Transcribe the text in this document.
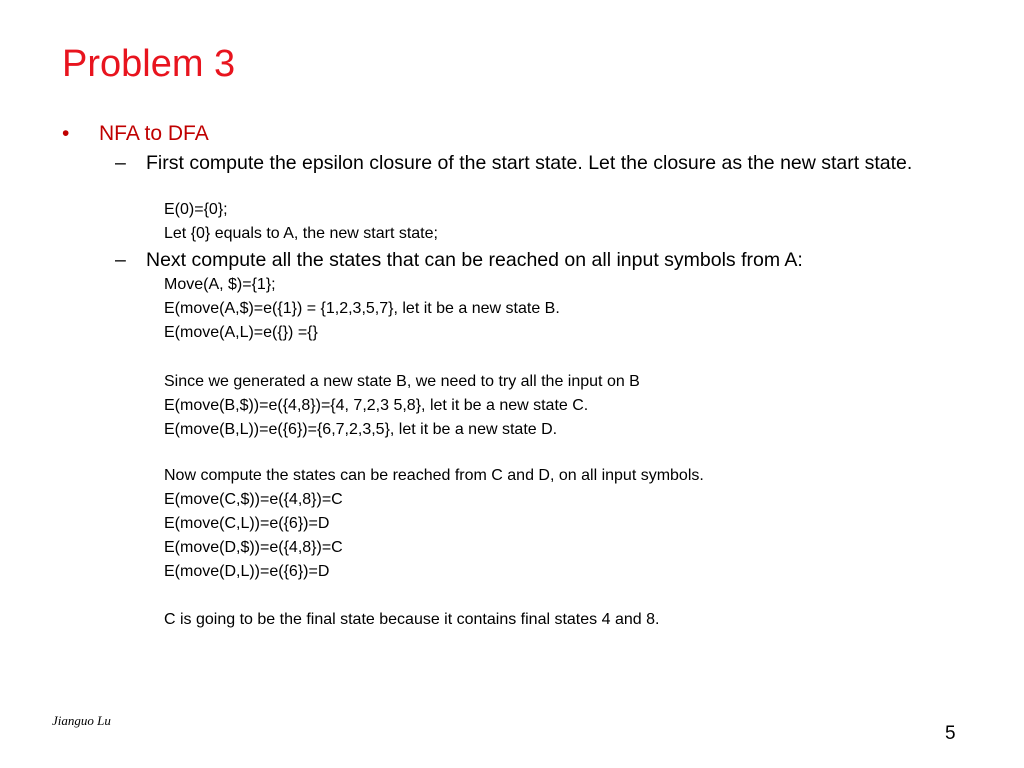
Problem 3
• NFA to DFA
– First compute the epsilon closure of the start state. Let the closure as the new start state.
E(0)={0};
Let {0} equals to A, the new start state;
– Next compute all the states that can be reached on all input symbols from A:
Move(A, $)={1};
E(move(A,$)=e({1}) = {1,2,3,5,7}, let it be a new state B.
E(move(A,L)=e({}) ={}
Since we generated a new state B, we need to try all the input on B
E(move(B,$))=e({4,8})={4, 7,2,3 5,8}, let it be a new state C.
E(move(B,L))=e({6})={6,7,2,3,5}, let it be a new state D.
Now compute the states can be reached from C and D, on all input symbols.
E(move(C,$))=e({4,8})=C
E(move(C,L))=e({6})=D
E(move(D,$))=e({4,8})=C
E(move(D,L))=e({6})=D
C is going to be the final state because it contains final states 4 and 8.
Jianguo Lu
5
